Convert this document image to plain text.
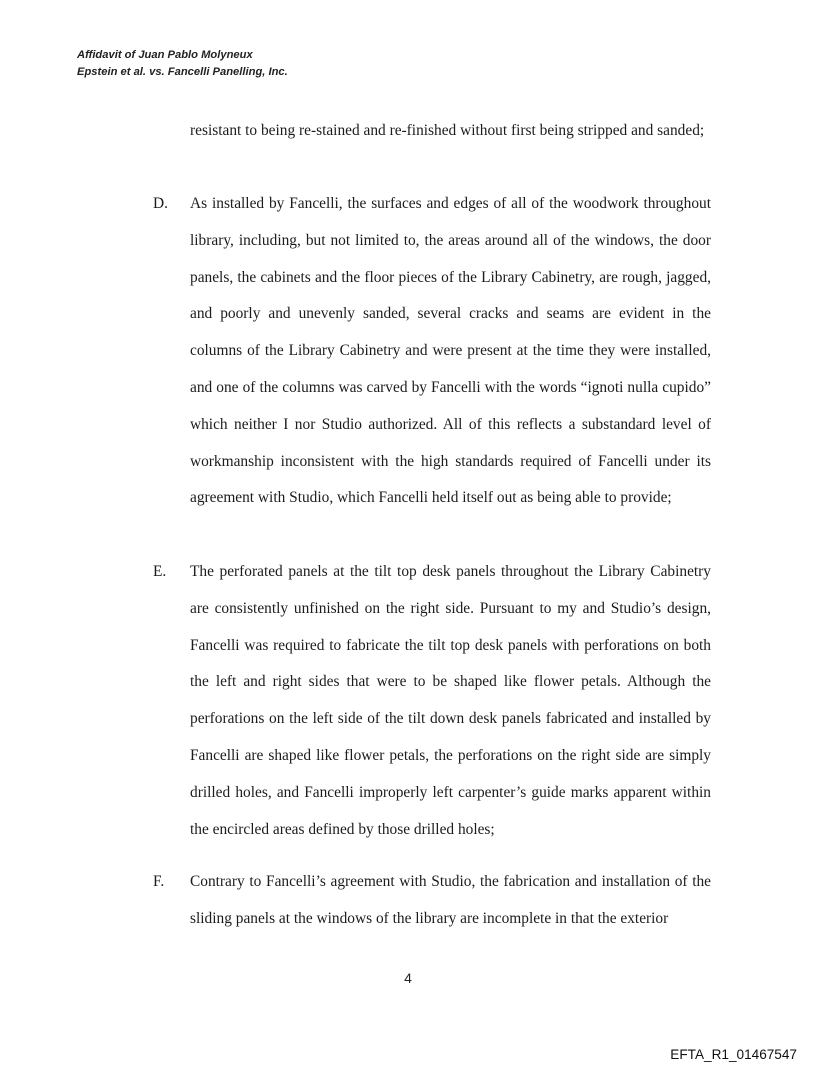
Affidavit of Juan Pablo Molyneux
Epstein et al. vs. Fancelli Panelling, Inc.
resistant to being re-stained and re-finished without first being stripped and sanded;
D. As installed by Fancelli, the surfaces and edges of all of the woodwork throughout library, including, but not limited to, the areas around all of the windows, the door panels, the cabinets and the floor pieces of the Library Cabinetry, are rough, jagged, and poorly and unevenly sanded, several cracks and seams are evident in the columns of the Library Cabinetry and were present at the time they were installed, and one of the columns was carved by Fancelli with the words “ignoti nulla cupido” which neither I nor Studio authorized. All of this reflects a substandard level of workmanship inconsistent with the high standards required of Fancelli under its agreement with Studio, which Fancelli held itself out as being able to provide;
E. The perforated panels at the tilt top desk panels throughout the Library Cabinetry are consistently unfinished on the right side. Pursuant to my and Studio’s design, Fancelli was required to fabricate the tilt top desk panels with perforations on both the left and right sides that were to be shaped like flower petals. Although the perforations on the left side of the tilt down desk panels fabricated and installed by Fancelli are shaped like flower petals, the perforations on the right side are simply drilled holes, and Fancelli improperly left carpenter’s guide marks apparent within the encircled areas defined by those drilled holes;
F. Contrary to Fancelli’s agreement with Studio, the fabrication and installation of the sliding panels at the windows of the library are incomplete in that the exterior
4
EFTA_R1_01467547
